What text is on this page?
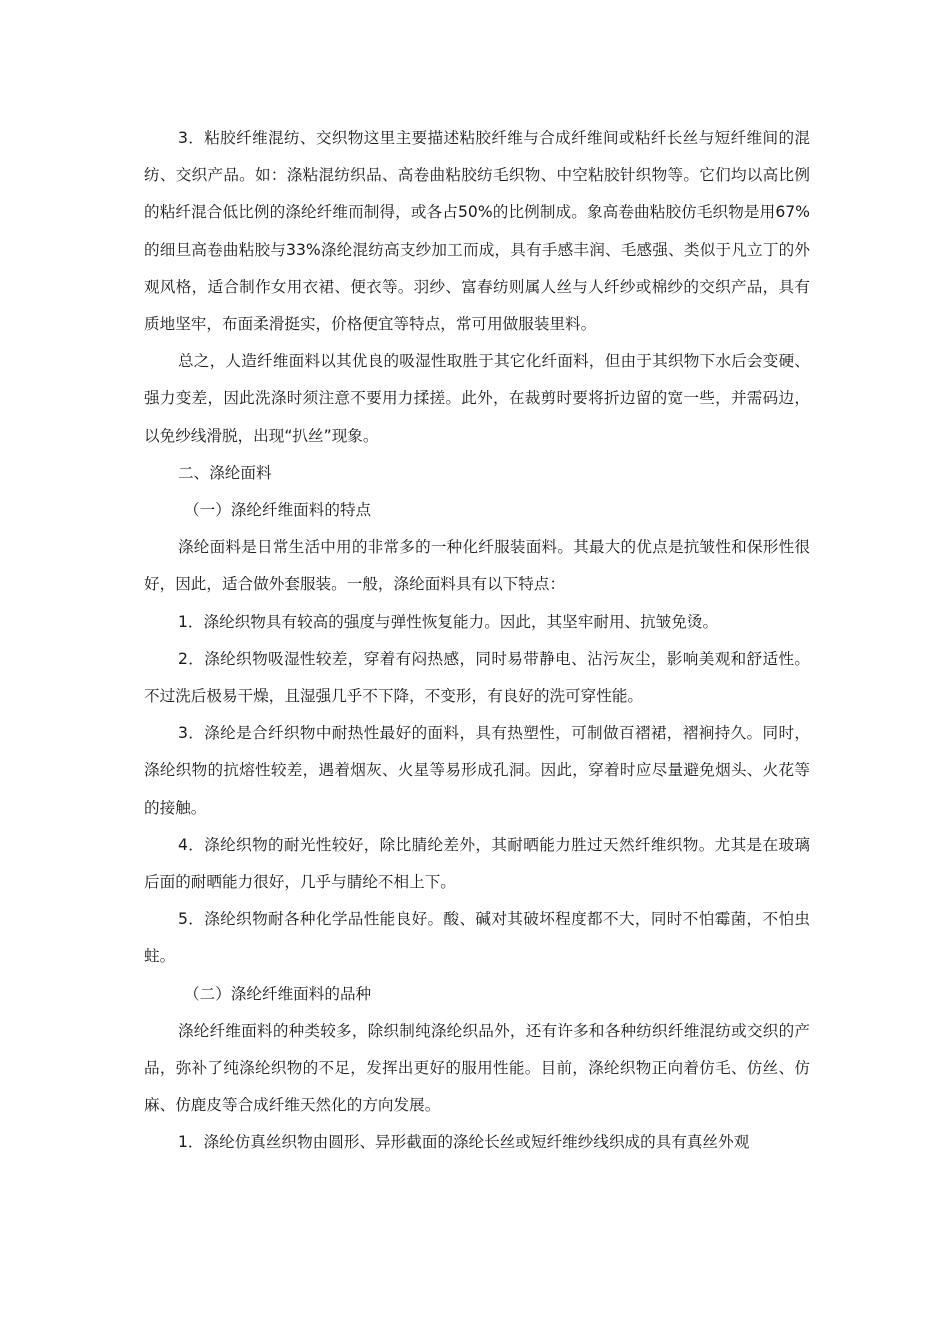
3．粘胶纤维混纺、交织物这里主要描述粘胶纤维与合成纤维间或粘纤长丝与短纤维间的混纺、交织产品。如：涤粘混纺织品、高卷曲粘胶纺毛织物、中空粘胶针织物等。它们均以高比例的粘纤混合低比例的涤纶纤维而制得，或各占50%的比例制成。象高卷曲粘胶仿毛织物是用67%的细旦高卷曲粘胶与33%涤纶混纺高支纱加工而成，具有手感丰润、毛感强、类似于凡立丁的外观风格，适合制作女用衣裙、便衣等。羽纱、富春纺则属人丝与人纤纱或棉纱的交织产品，具有质地坚牢，布面柔滑挺实，价格便宜等特点，常可用做服装里料。

总之，人造纤维面料以其优良的吸湿性取胜于其它化纤面料，但由于其织物下水后会变硬、强力变差，因此洗涤时须注意不要用力揉搓。此外，在裁剪时要将折边留的宽一些，并需码边，以免纱线滑脱，出现“扒丝”现象。

二、涤纶面料

（一）涤纶纤维面料的特点

涤纶面料是日常生活中用的非常多的一种化纤服装面料。其最大的优点是抗皱性和保形性很好，因此，适合做外套服装。一般，涤纶面料具有以下特点：

1．涤纶织物具有较高的强度与弹性恢复能力。因此，其坚牢耐用、抗皱免烫。

2．涤纶织物吸湿性较差，穿着有闷热感，同时易带静电、沾污灰尘，影响美观和舒适性。不过洗后极易干燥，且湿强几乎不下降，不变形，有良好的洗可穿性能。

3．涤纶是合纤织物中耐热性最好的面料，具有热塑性，可制做百褶裙，褶裥持久。同时，涤纶织物的抗熔性较差，遇着烟灰、火星等易形成孔洞。因此，穿着时应尽量避免烟头、火花等的接触。

4．涤纶织物的耐光性较好，除比腈纶差外，其耐晒能力胜过天然纤维织物。尤其是在玻璃后面的耐晒能力很好，几乎与腈纶不相上下。

5．涤纶织物耐各种化学品性能良好。酸、碱对其破坏程度都不大，同时不怕霉菌，不怕虫蛀。

（二）涤纶纤维面料的品种

涤纶纤维面料的种类较多，除织制纯涤纶织品外，还有许多和各种纺织纤维混纺或交织的产品，弥补了纯涤纶织物的不足，发挥出更好的服用性能。目前，涤纶织物正向着仿毛、仿丝、仿麻、仿鹿皮等合成纤维天然化的方向发展。

1．涤纶仿真丝织物由圆形、异形截面的涤纶长丝或短纤维纱线织成的具有真丝外观
